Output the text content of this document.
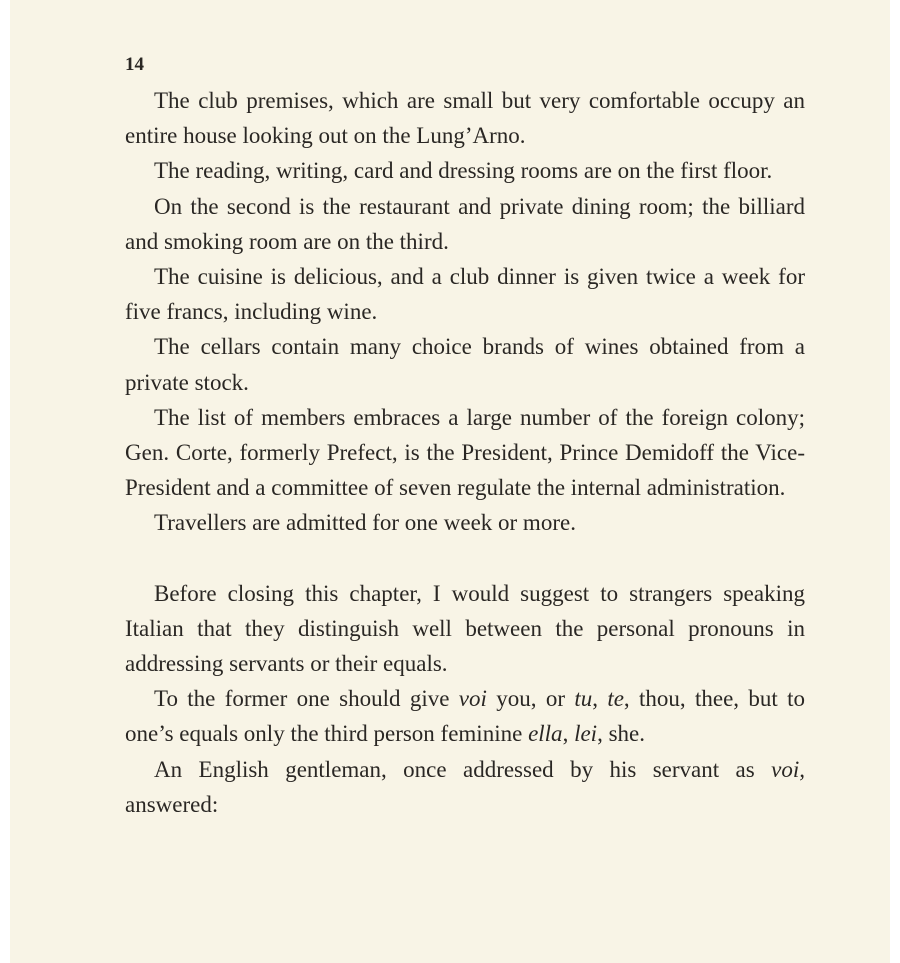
14

The club premises, which are small but very comfortable occupy an entire house looking out on the Lung’Arno.

The reading, writing, card and dressing rooms are on the first floor.

On the second is the restaurant and private dining room; the billiard and smoking room are on the third.

The cuisine is delicious, and a club dinner is given twice a week for five francs, including wine.

The cellars contain many choice brands of wines obtained from a private stock.

The list of members embraces a large number of the foreign colony; Gen. Corte, formerly Prefect, is the President, Prince Demidoff the Vice-President and a committee of seven regulate the internal administration.

Travellers are admitted for one week or more.

Before closing this chapter, I would suggest to strangers speaking Italian that they distinguish well between the personal pronouns in addressing servants or their equals.

To the former one should give voi you, or tu, te, thou, thee, but to one’s equals only the third person feminine ella, lei, she.

An English gentleman, once addressed by his servant as voi, answered:
